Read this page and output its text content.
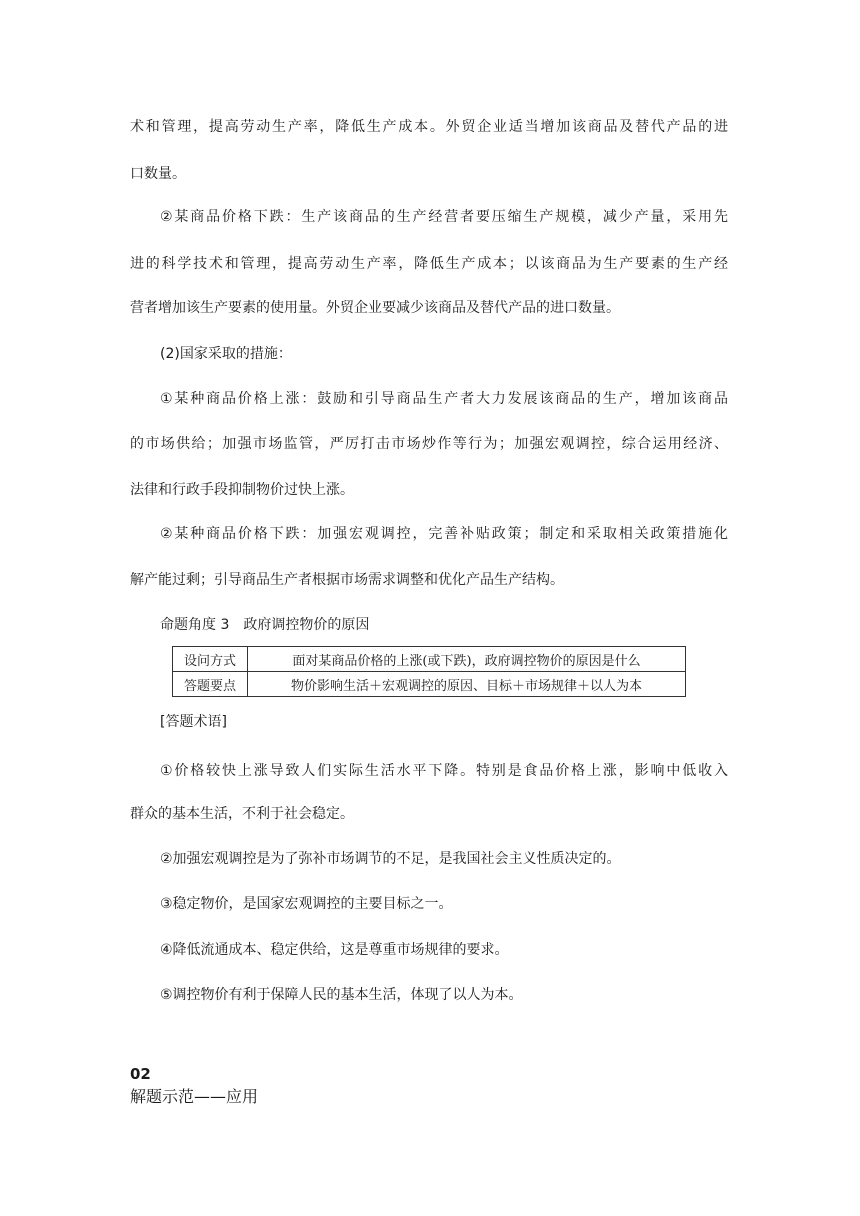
术和管理，提高劳动生产率，降低生产成本。外贸企业适当增加该商品及替代产品的进
口数量。
②某商品价格下跌：生产该商品的生产经营者要压缩生产规模，减少产量，采用先
进的科学技术和管理，提高劳动生产率，降低生产成本；以该商品为生产要素的生产经
营者增加该生产要素的使用量。外贸企业要减少该商品及替代产品的进口数量。
(2)国家采取的措施：
①某种商品价格上涨：鼓励和引导商品生产者大力发展该商品的生产，增加该商品
的市场供给；加强市场监管，严厉打击市场炒作等行为；加强宏观调控，综合运用经济、
法律和行政手段抑制物价过快上涨。
②某种商品价格下跌：加强宏观调控，完善补贴政策；制定和采取相关政策措施化
解产能过剩；引导商品生产者根据市场需求调整和优化产品生产结构。
命题角度 3　政府调控物价的原因
设问方式	面对某商品价格的上涨(或下跌)，政府调控物价的原因是什么
答题要点	物价影响生活＋宏观调控的原因、目标＋市场规律＋以人为本
[答题术语]
①价格较快上涨导致人们实际生活水平下降。特别是食品价格上涨，影响中低收入
群众的基本生活，不利于社会稳定。
②加强宏观调控是为了弥补市场调节的不足，是我国社会主义性质决定的。
③稳定物价，是国家宏观调控的主要目标之一。
④降低流通成本、稳定供给，这是尊重市场规律的要求。
⑤调控物价有利于保障人民的基本生活，体现了以人为本。
02
解题示范——应用
